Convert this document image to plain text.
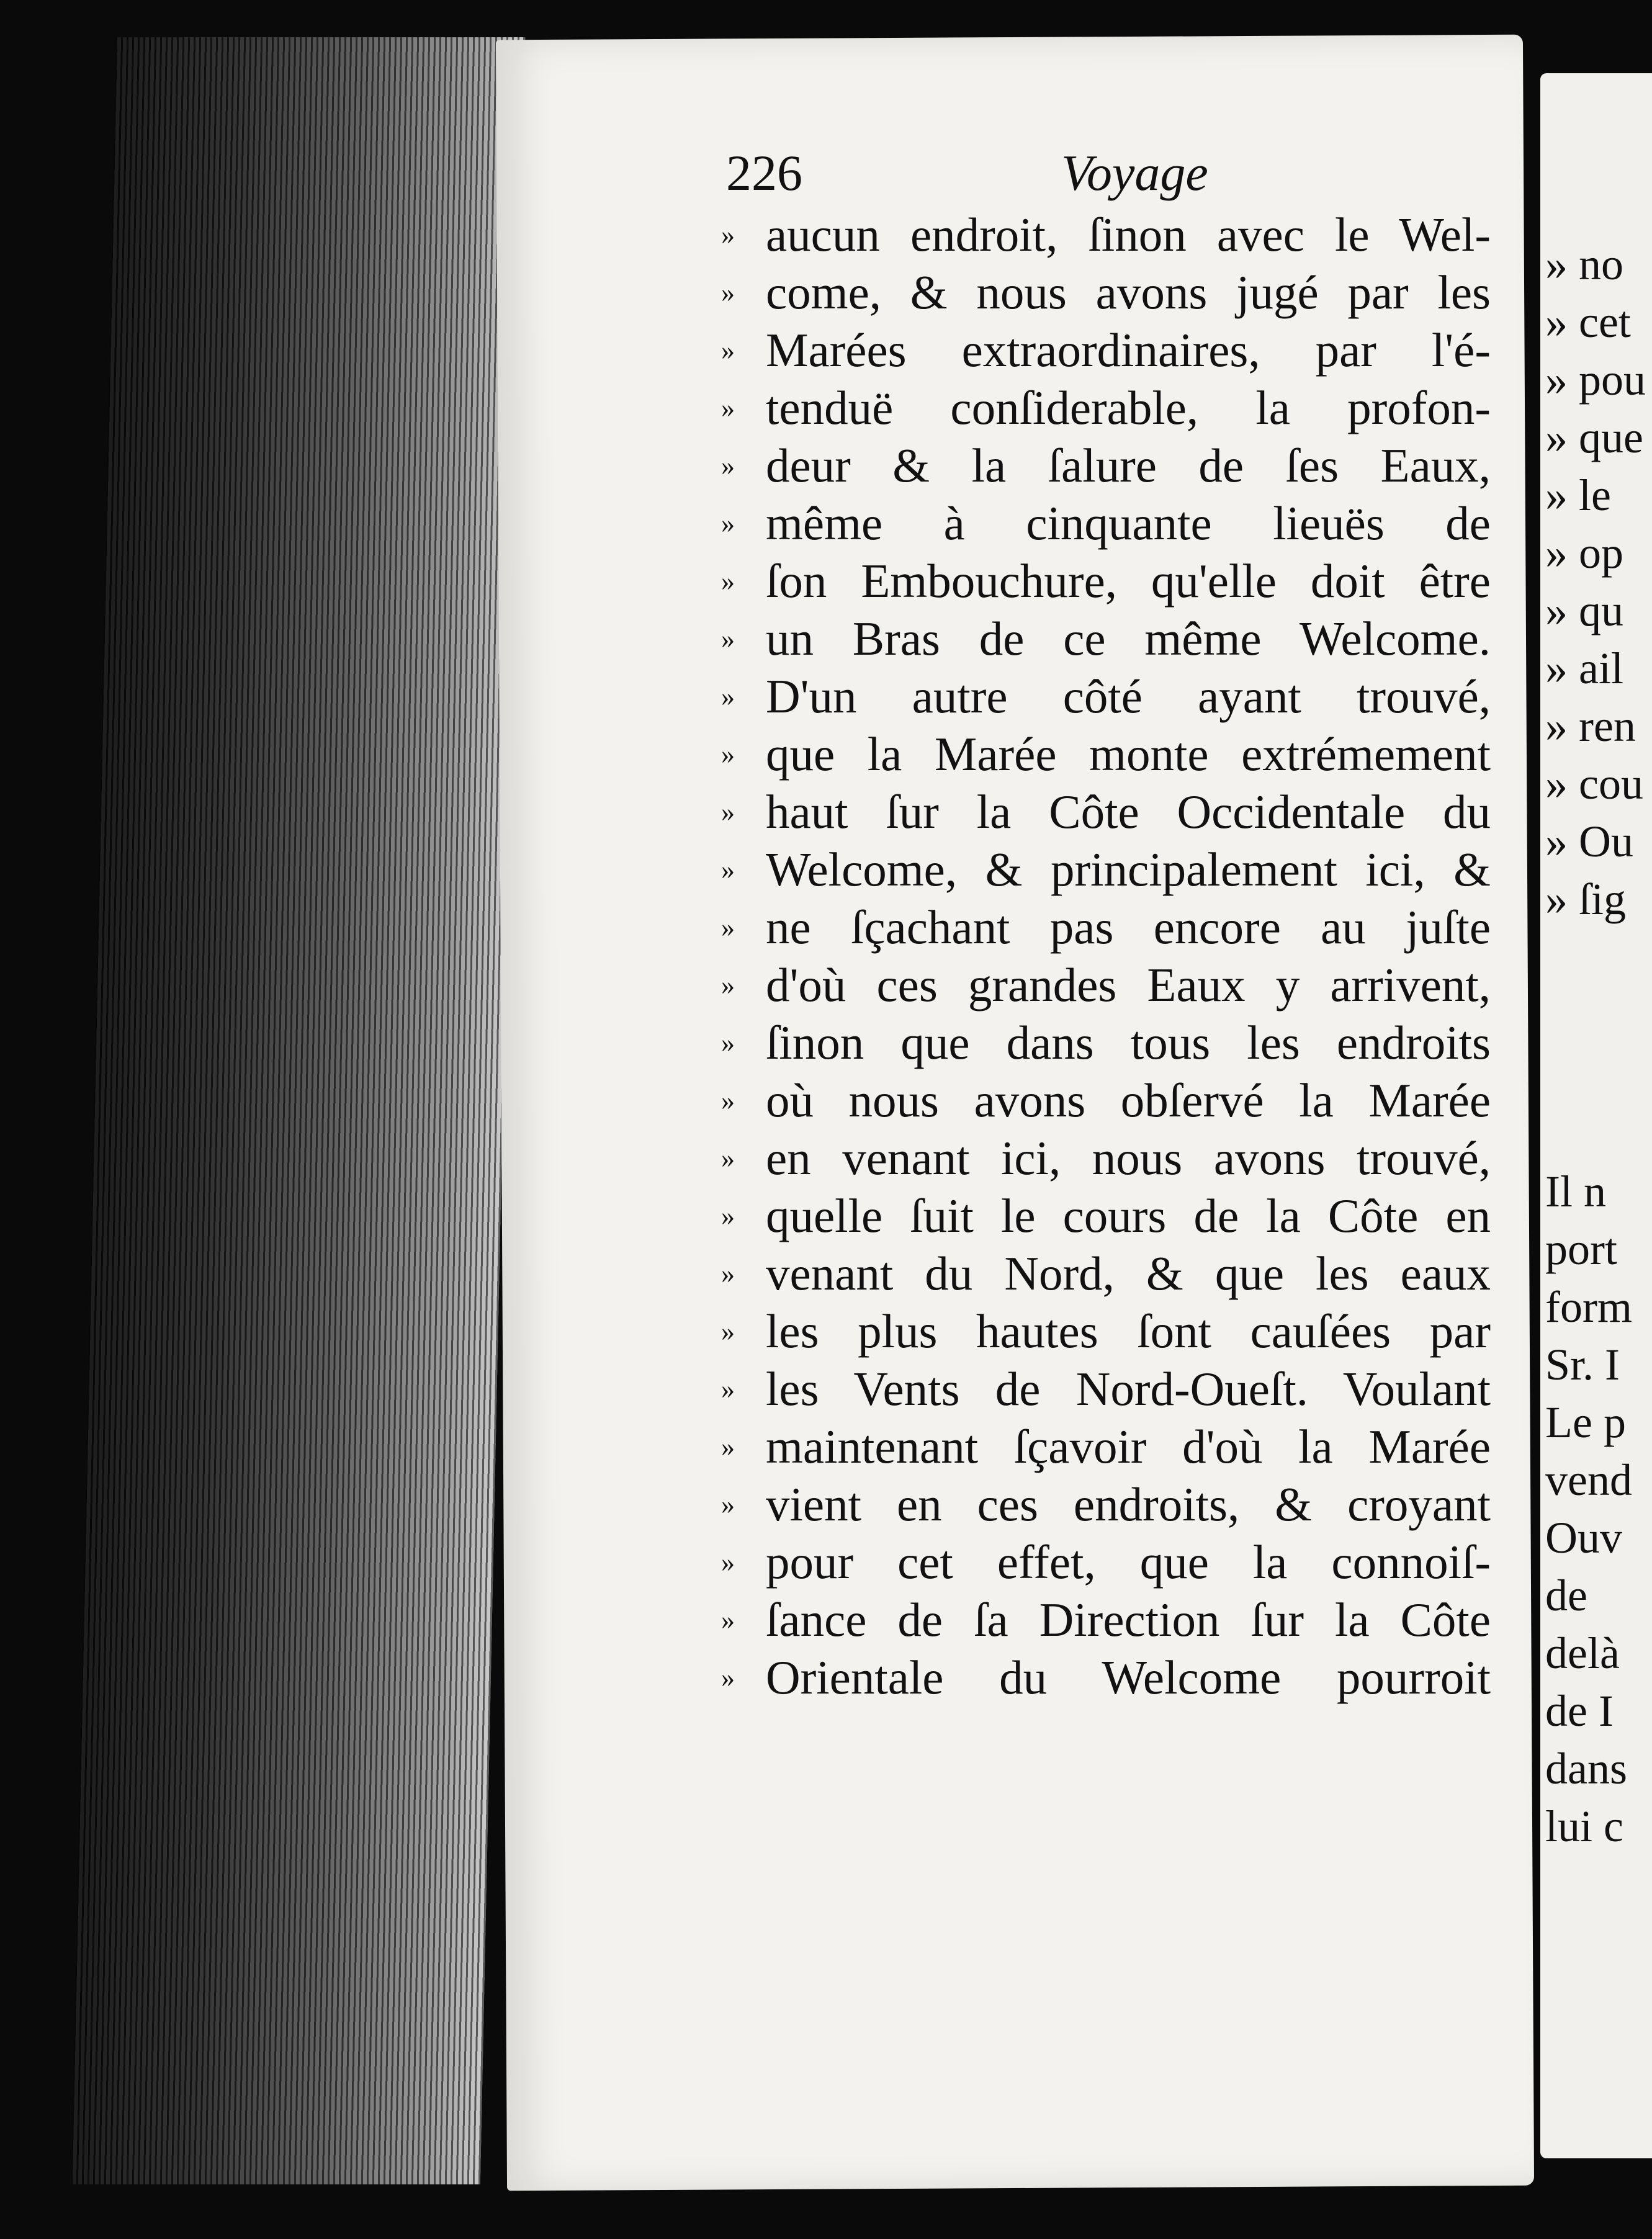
226	Voyage
» aucun endroit, ſinon avec le Wel-
» come, & nous avons jugé par les
» Marées extraordinaires, par l'é-
» tenduë conſiderable, la profon-
» deur & la ſalure de ſes Eaux,
» même à cinquante lieuës de
» ſon Embouchure, qu'elle doit être
» un Bras de ce même Welcome.
» D'un autre côté ayant trouvé,
» que la Marée monte extrémement
» haut ſur la Côte Occidentale du
» Welcome, & principalement ici, &
» ne ſçachant pas encore au juſte
» d'où ces grandes Eaux y arrivent,
» ſinon que dans tous les endroits
» où nous avons obſervé la Marée
» en venant ici, nous avons trouvé,
» quelle ſuit le cours de la Côte en
» venant du Nord, & que les eaux
» les plus hautes ſont cauſées par
» les Vents de Nord-Oueſt. Voulant
» maintenant ſçavoir d'où la Marée
» vient en ces endroits, & croyant
» pour cet effet, que la connoiſ-
» ſance de ſa Direction ſur la Côte
» Orientale du Welcome pourroit
» no
» cet
» pou
» que
» le
» op
» qu
» ail
» ren
» cou
» Ou
» ſig
Il n
port
form
Sr. I
Le p
vend
Ouv
de
delà
de I
dans
lui c
